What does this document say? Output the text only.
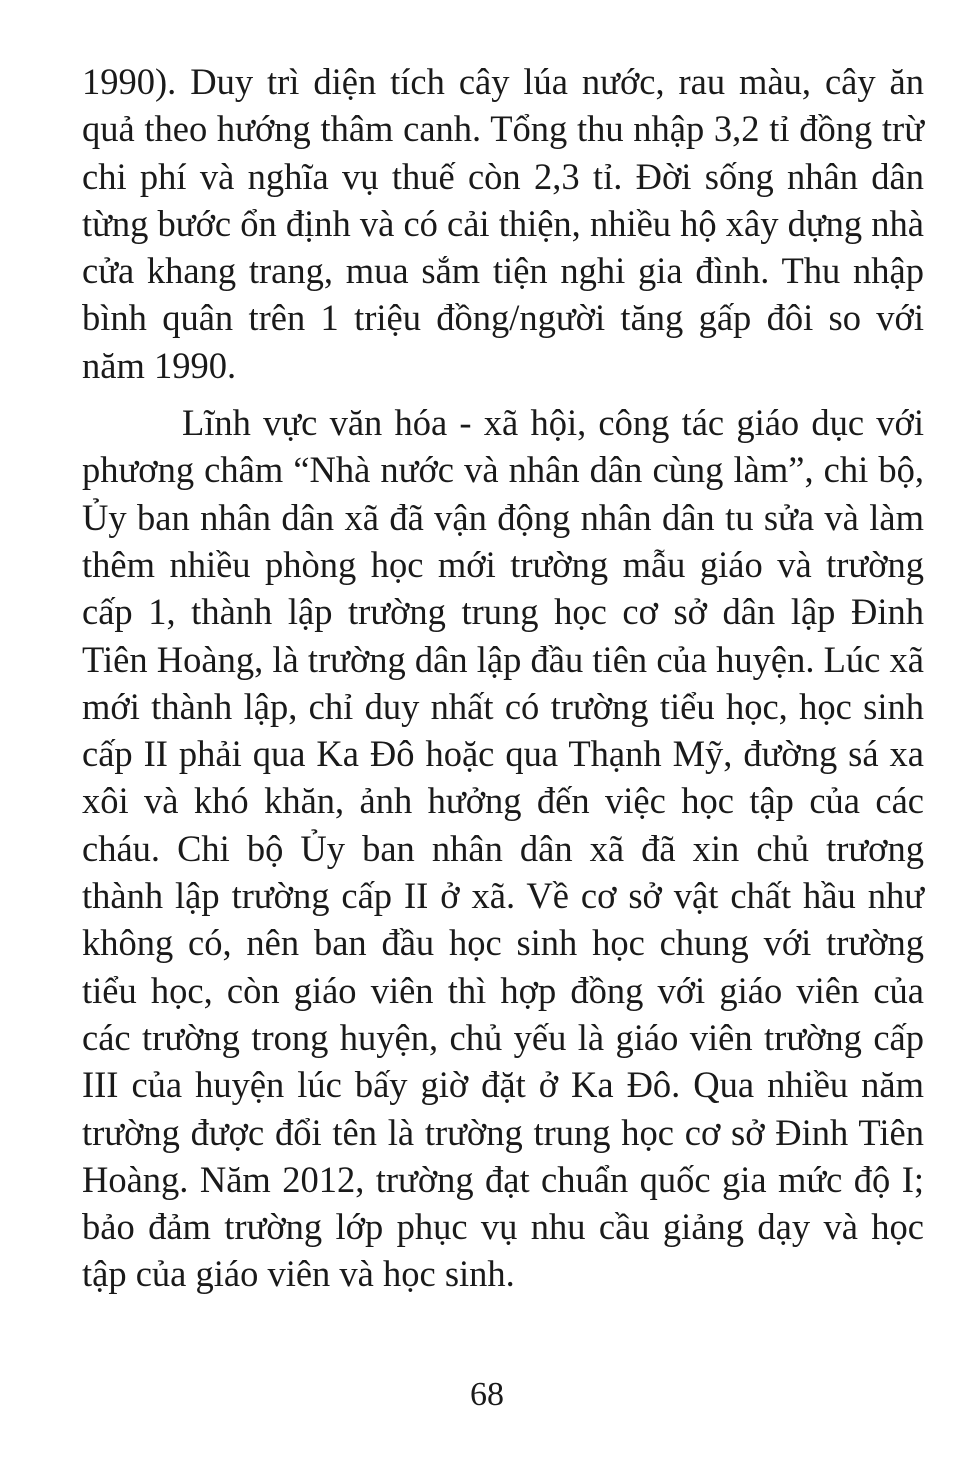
1990). Duy trì diện tích cây lúa nước, rau màu, cây ăn quả theo hướng thâm canh. Tổng thu nhập 3,2 tỉ đồng trừ chi phí và nghĩa vụ thuế còn 2,3 tỉ. Đời sống nhân dân từng bước ổn định và có cải thiện, nhiều hộ xây dựng nhà cửa khang trang, mua sắm tiện nghi gia đình. Thu nhập bình quân trên 1 triệu đồng/người tăng gấp đôi so với năm 1990.

Lĩnh vực văn hóa - xã hội, công tác giáo dục với phương châm “Nhà nước và nhân dân cùng làm”, chi bộ, Ủy ban nhân dân xã đã vận động nhân dân tu sửa và làm thêm nhiều phòng học mới trường mẫu giáo và trường cấp 1, thành lập trường trung học cơ sở dân lập Đinh Tiên Hoàng, là trường dân lập đầu tiên của huyện. Lúc xã mới thành lập, chỉ duy nhất có trường tiểu học, học sinh cấp II phải qua Ka Đô hoặc qua Thạnh Mỹ, đường sá xa xôi và khó khăn, ảnh hưởng đến việc học tập của các cháu. Chi bộ Ủy ban nhân dân xã đã xin chủ trương thành lập trường cấp II ở xã. Về cơ sở vật chất hầu như không có, nên ban đầu học sinh học chung với trường tiểu học, còn giáo viên thì hợp đồng với giáo viên của các trường trong huyện, chủ yếu là giáo viên trường cấp III của huyện lúc bấy giờ đặt ở Ka Đô. Qua nhiều năm trường được đổi tên là trường trung học cơ sở Đinh Tiên Hoàng. Năm 2012, trường đạt chuẩn quốc gia mức độ I; bảo đảm trường lớp phục vụ nhu cầu giảng dạy và học tập của giáo viên và học sinh.

68
